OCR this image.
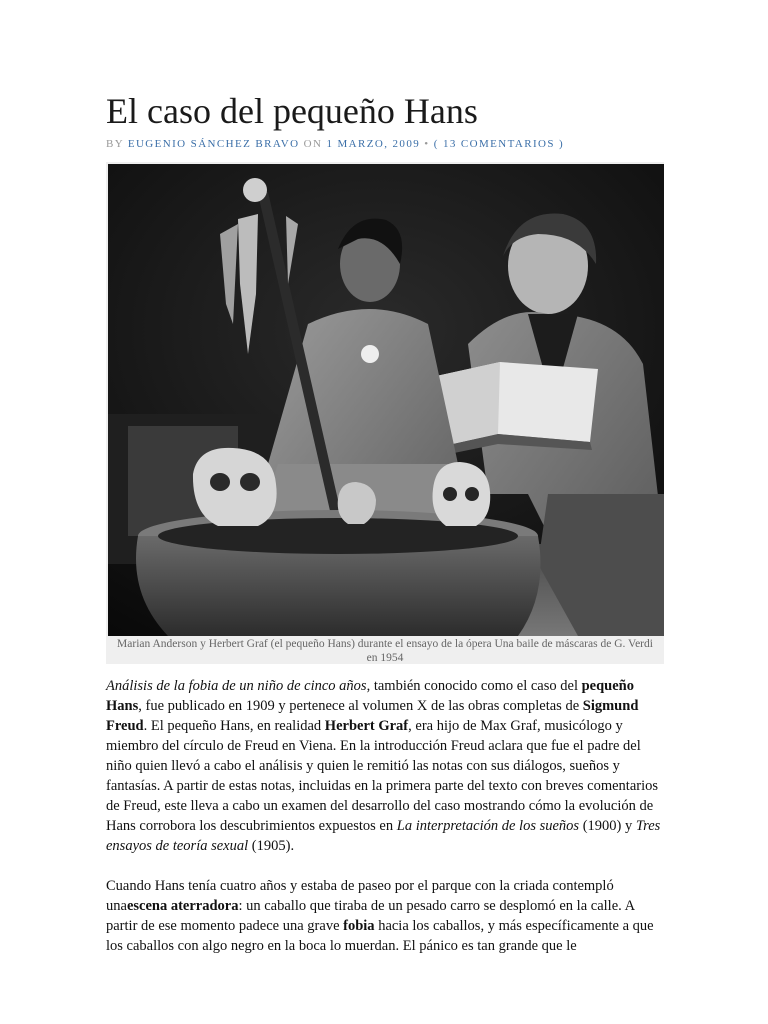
El caso del pequeño Hans
BY EUGENIO SÁNCHEZ BRAVO ON 1 MARZO, 2009 • ( 13 COMENTARIOS )
Marian Anderson y Herbert Graf (el pequeño Hans) durante el ensayo de la ópera Una baile de máscaras de G. Verdi en 1954

Análisis de la fobia de un niño de cinco años, también conocido como el caso del pequeño Hans, fue publicado en 1909 y pertenece al volumen X de las obras completas de Sigmund Freud. El pequeño Hans, en realidad Herbert Graf, era hijo de Max Graf, musicólogo y miembro del círculo de Freud en Viena. En la introducción Freud aclara que fue el padre del niño quien llevó a cabo el análisis y quien le remitió las notas con sus diálogos, sueños y fantasías. A partir de estas notas, incluidas en la primera parte del texto con breves comentarios de Freud, este lleva a cabo un examen del desarrollo del caso mostrando cómo la evolución de Hans corrobora los descubrimientos expuestos en La interpretación de los sueños (1900) y Tres ensayos de teoría sexual (1905).

Cuando Hans tenía cuatro años y estaba de paseo por el parque con la criada contempló unaescena aterradora: un caballo que tiraba de un pesado carro se desplomó en la calle. A partir de ese momento padece una grave fobia hacia los caballos, y más específicamente a que los caballos con algo negro en la boca lo muerdan. El pánico es tan grande que le
